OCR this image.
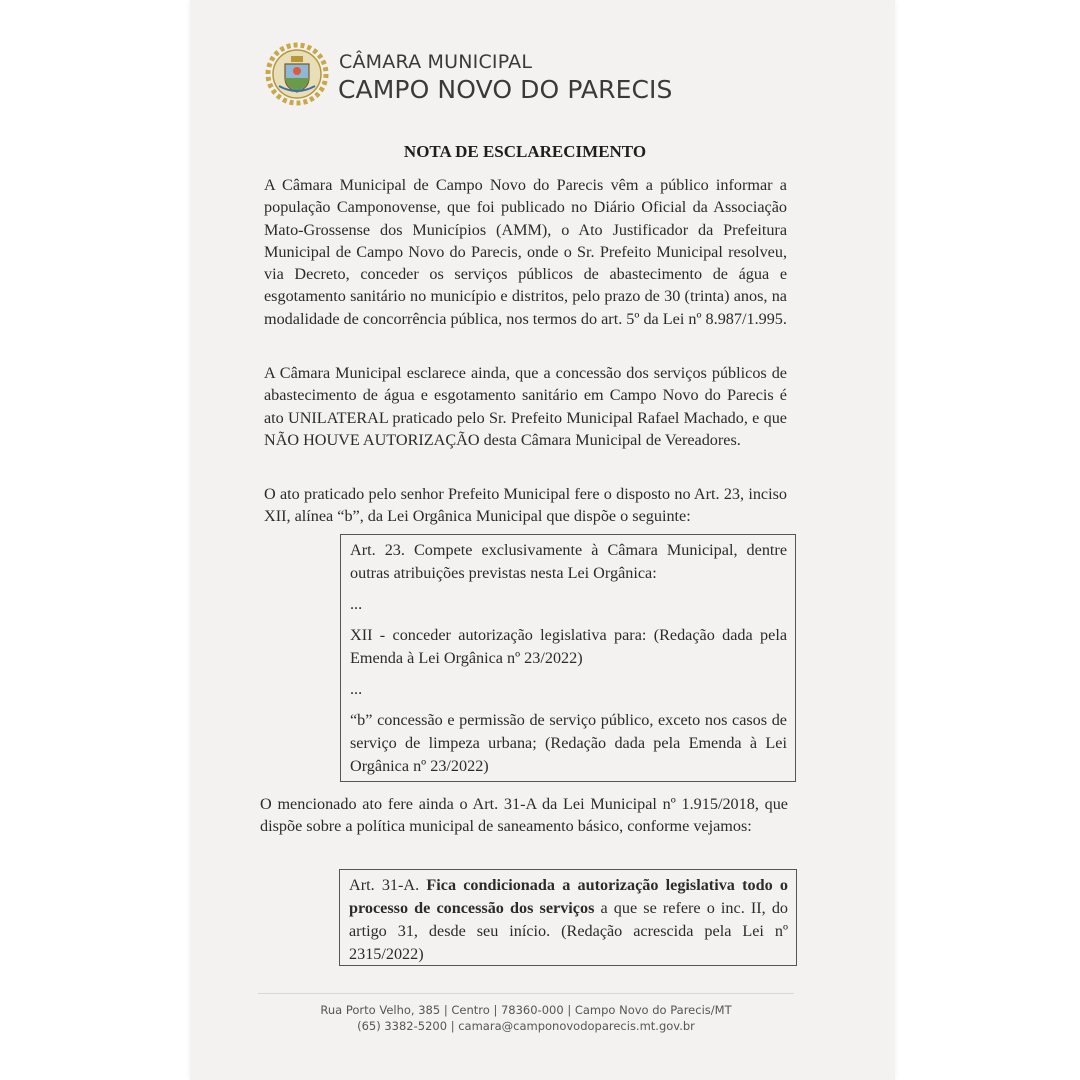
CÂMARA MUNICIPAL
CAMPO NOVO DO PARECIS
NOTA DE ESCLARECIMENTO

A Câmara Municipal de Campo Novo do Parecis vêm a público informar a população Camponovense, que foi publicado no Diário Oficial da Associação Mato-Grossense dos Municípios (AMM), o Ato Justificador da Prefeitura Municipal de Campo Novo do Parecis, onde o Sr. Prefeito Municipal resolveu, via Decreto, conceder os serviços públicos de abastecimento de água e esgotamento sanitário no município e distritos, pelo prazo de 30 (trinta) anos, na modalidade de concorrência pública, nos termos do art. 5º da Lei nº 8.987/1.995.

A Câmara Municipal esclarece ainda, que a concessão dos serviços públicos de abastecimento de água e esgotamento sanitário em Campo Novo do Parecis é ato UNILATERAL praticado pelo Sr. Prefeito Municipal Rafael Machado, e que NÃO HOUVE AUTORIZAÇÃO desta Câmara Municipal de Vereadores.

O ato praticado pelo senhor Prefeito Municipal fere o disposto no Art. 23, inciso XII, alínea “b”, da Lei Orgânica Municipal que dispõe o seguinte:

Art. 23. Compete exclusivamente à Câmara Municipal, dentre outras atribuições previstas nesta Lei Orgânica:

...

XII - conceder autorização legislativa para: (Redação dada pela Emenda à Lei Orgânica nº 23/2022)

...

“b” concessão e permissão de serviço público, exceto nos casos de serviço de limpeza urbana; (Redação dada pela Emenda à Lei Orgânica nº 23/2022)

O mencionado ato fere ainda o Art. 31-A da Lei Municipal nº 1.915/2018, que dispõe sobre a política municipal de saneamento básico, conforme vejamos:

Art. 31-A. Fica condicionada a autorização legislativa todo o processo de concessão dos serviços a que se refere o inc. II, do artigo 31, desde seu início. (Redação acrescida pela Lei nº 2315/2022)

Rua Porto Velho, 385 | Centro | 78360-000 | Campo Novo do Parecis/MT
(65) 3382-5200 | camara@camponovodoparecis.mt.gov.br
